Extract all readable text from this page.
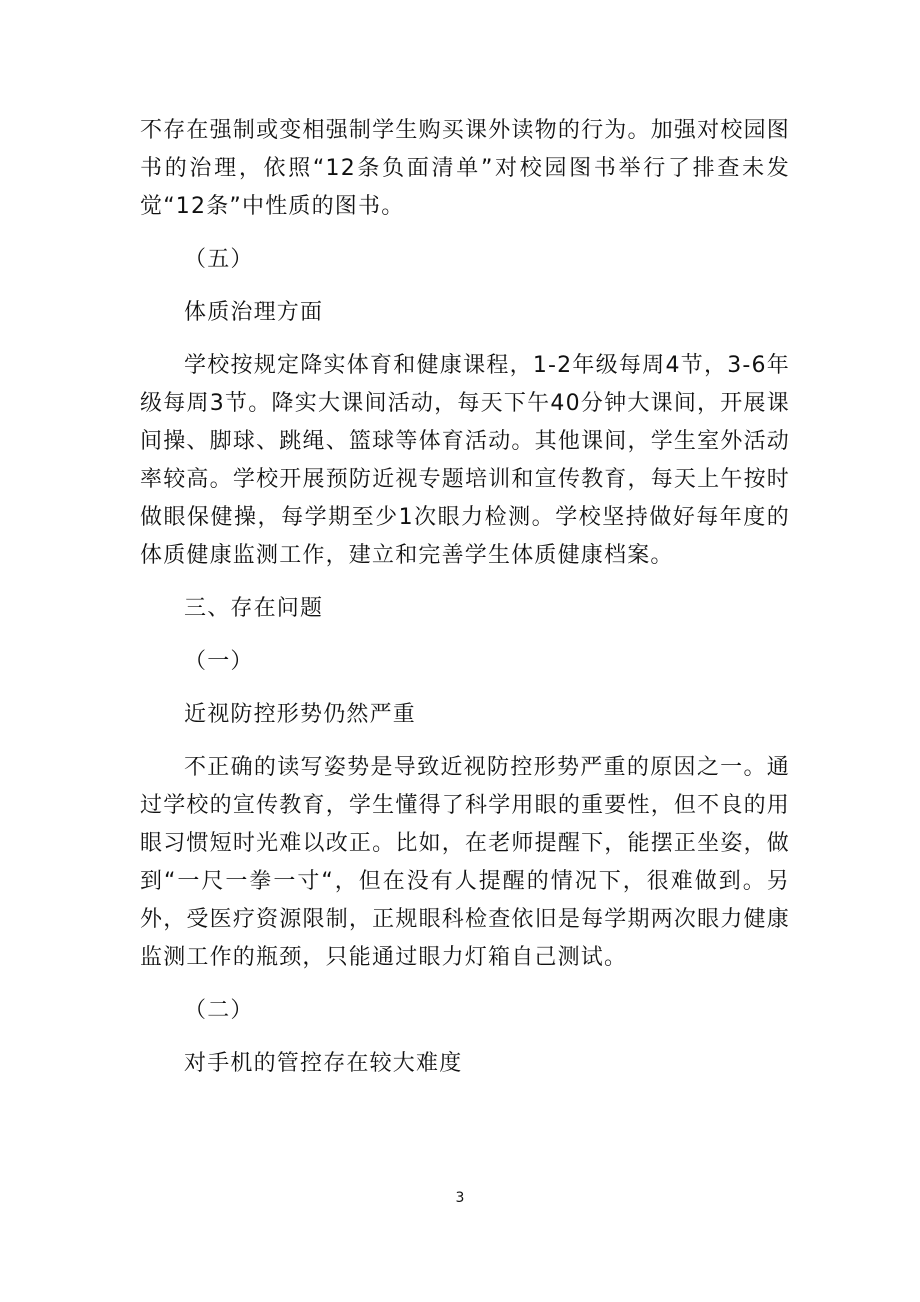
不存在强制或变相强制学生购买课外读物的行为。加强对校园图书的治理，依照“12条负面清单”对校园图书举行了排查未发觉“12条”中性质的图书。

（五）

体质治理方面

学校按规定降实体育和健康课程，1-2年级每周4节，3-6年级每周3节。降实大课间活动，每天下午40分钟大课间，开展课间操、脚球、跳绳、篮球等体育活动。其他课间，学生室外活动率较高。学校开展预防近视专题培训和宣传教育，每天上午按时做眼保健操，每学期至少1次眼力检测。学校坚持做好每年度的体质健康监测工作，建立和完善学生体质健康档案。

三、存在问题

（一）

近视防控形势仍然严重

不正确的读写姿势是导致近视防控形势严重的原因之一。通过学校的宣传教育，学生懂得了科学用眼的重要性，但不良的用眼习惯短时光难以改正。比如，在老师提醒下，能摆正坐姿，做到“一尺一拳一寸“，但在没有人提醒的情况下，很难做到。另外，受医疗资源限制，正规眼科检查依旧是每学期两次眼力健康监测工作的瓶颈，只能通过眼力灯箱自己测试。

（二）

对手机的管控存在较大难度

3
